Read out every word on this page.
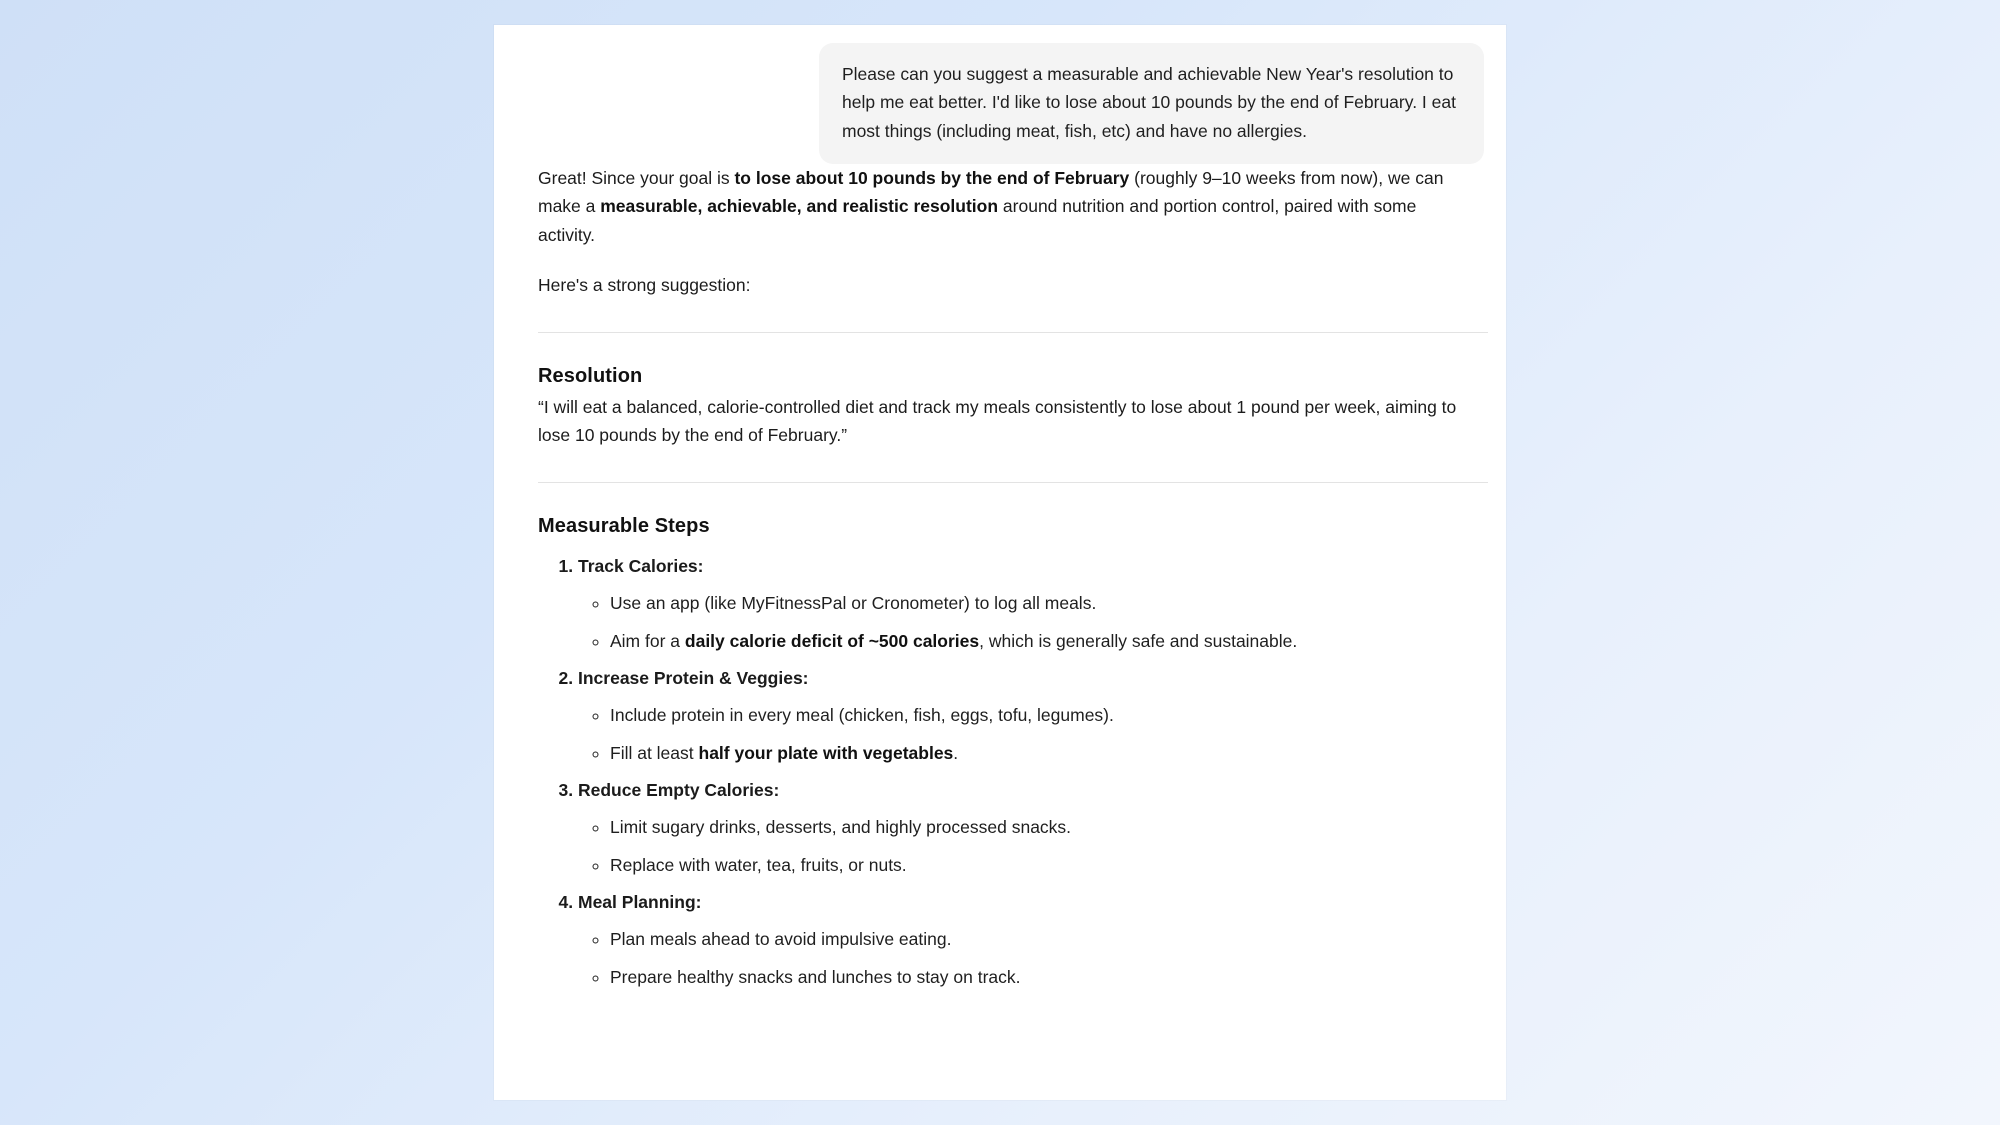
Please can you suggest a measurable and achievable New Year's resolution to help me eat better. I'd like to lose about 10 pounds by the end of February. I eat most things (including meat, fish, etc) and have no allergies.

Great! Since your goal is to lose about 10 pounds by the end of February (roughly 9–10 weeks from now), we can make a measurable, achievable, and realistic resolution around nutrition and portion control, paired with some activity.

Here's a strong suggestion:

Resolution

“I will eat a balanced, calorie-controlled diet and track my meals consistently to lose about 1 pound per week, aiming to lose 10 pounds by the end of February.”

Measurable Steps
1. Track Calories:
◦ Use an app (like MyFitnessPal or Cronometer) to log all meals.
◦ Aim for a daily calorie deficit of ~500 calories, which is generally safe and sustainable.
2. Increase Protein & Veggies:
◦ Include protein in every meal (chicken, fish, eggs, tofu, legumes).
◦ Fill at least half your plate with vegetables.
3. Reduce Empty Calories:
◦ Limit sugary drinks, desserts, and highly processed snacks.
◦ Replace with water, tea, fruits, or nuts.
4. Meal Planning:
◦ Plan meals ahead to avoid impulsive eating.
◦ Prepare healthy snacks and lunches to stay on track.
